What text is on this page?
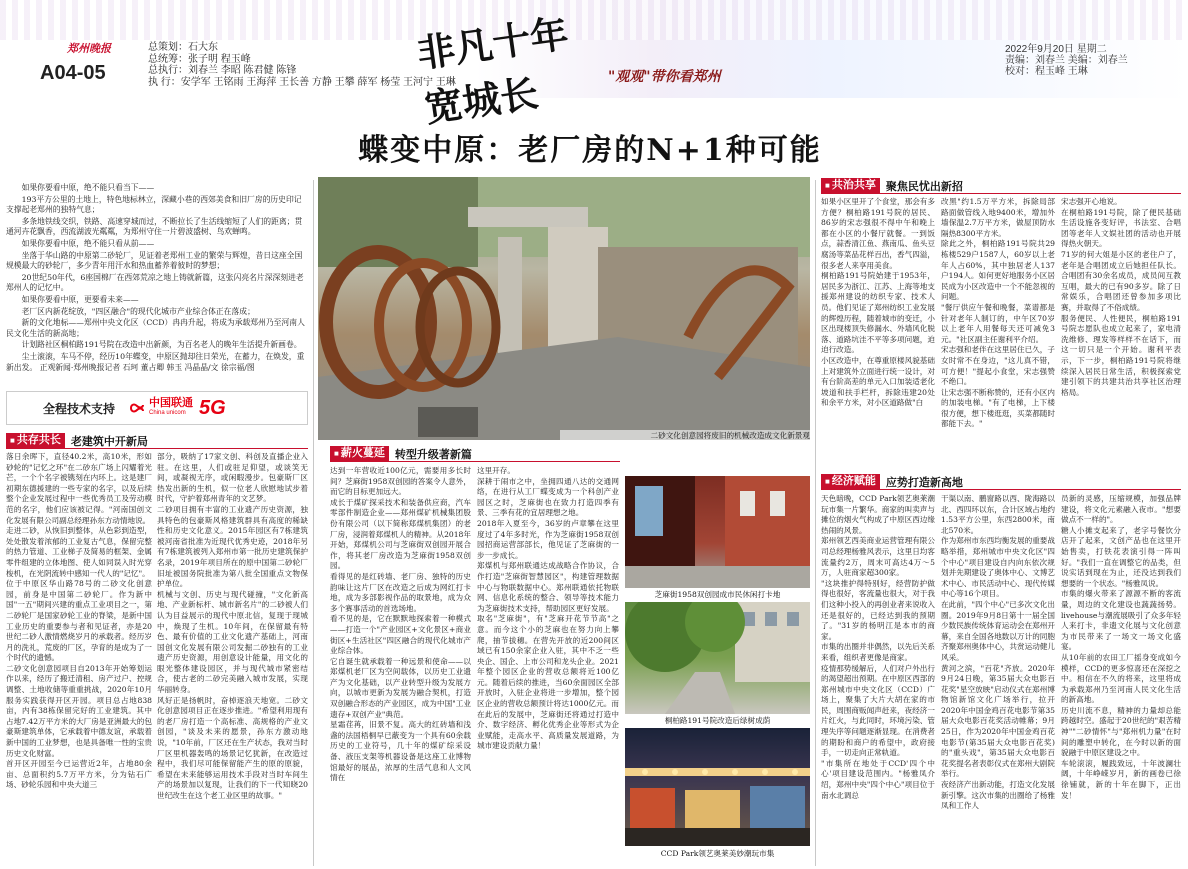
郑州晚报
A04-05
总策划：石大东
总统筹：张子明 程玉峰
总执行：刘春兰 李昭 陈君健 陈锋
执 行：安学军 王铭雨 王海萍 王长善 方静 王攀 薛军 杨莹 王河宁 王琳
非凡十年 宽城长	"观观"带你看郑州
2022年9月20日 星期二
责编：刘春兰 美编：刘春兰
校对：程玉峰 王琳
蝶变中原：老厂房的N+1种可能

如果你要看中原，绝不能只看当下——

193平方公里的土地上，特色地标林立，深藏小巷的西郊美食和旧厂房的历史印记支撑起老郑州的独特气息；

多条地铁线交织，铁路、高速穿城而过，不断拉长了生活线缩短了人们的距离；贯通河卉花飘香，西流湖波光粼粼，为郑州守住一片碧波盛树、鸟欢蝉鸣。

如果你要看中原，绝不能只看从前——

坐落于华山路的中原第二砂轮厂，见证着老郑州工业的繁荣与辉煌，昔日这座全国规模最大的砂轮厂，多少青年用汗水和热血蓄养着彼时的梦想；

20世纪50年代，6座国棉厂在西郊荒凉之地上铸就新篇，这张闪亮名片深深刻进老郑州人的记忆中。

如果你要看中原，更要看未来——

老厂区内新花绽放，"四区融合"的现代化城市产业综合体正在落成；

新的文化地标——郑州中央文化区（CCD）冉冉升起，将成为承载郑州乃至河南人民文化生活的新高地；

计划路社区桐柏路191号院在改造中出新颜，为百名老人的晚年生活提升新画卷。

尘土滚滚，车马不停，经历10年蝶变，中原区抛却往日荣光，在蓄力，在焕发，重新出发。 正观新闻·郑州晚报记者 石珂 董占卿 韩玉 冯晶晶/文 徐宗福/图

全程技术支持	中国联通
China unicom 5G
■ 共存共长 老建筑中开新局
落日余晖下，直径40.2米，高10米，形如砂轮的"记忆之环"在二砂东广场上闪耀着光芒，一个个名字被镌刻在内环上。这是建厂初期东德援建的一些专家的名字，以及后续整个企业发展过程中一些优秀员工及劳动模范的名字，他们应该被记得。"河南国创文化发展有限公司副总经理孙东方动情地说。
走进二砂，从恢旧到整体，从色彩到造型，处处散发着浓郁的工业复古气息，保留完整的热力管道、工业梯子及简易的框架、金属零件组建的立体地图、使人如同误入时光穿梭机，在光阴流转中感知一代人的"记忆"。
位于中原区华山路78号的二砂文化创意园，前身是中国第二砂轮厂。作为新中国"一五"期间兴建的重点工业项目之一，第二砂轮厂是国家砂轮工业的脊梁，是新中国工业历史的重要参与者和见证者，亦是20世纪二砂人激情燃烧岁月的承载者。经历岁月的洗礼，荒废的厂区，孕育的是成为了一个时代的遗憾。
二砂文化创意园项目自2013年开始筹划运作以来，经历了搬迁清租、房产过户、控规调整、土地收储等重重挑战，2020年10月服务实践获得开区开园。项目总占地838亩，内有38栋保留完好的工业建筑。其中占地7.42万平方米的大厂房是亚洲最大的包豪斯建筑单体，它承载着中德友谊，承载着新中国的工业梦想，也是具备唯一性的宝贵历史文化财富。
首开区开园至今已运营近2年，占地80余亩、总面积约5.7万平方米，分为钻石广场、砂轮乐园和中央大道三
部分，吸纳了17家文创、科创及直播企业入驻。在这里，人们或驻足仰望，或谈笑无间，或凝视无序，或闲暇漫步。包豪斯厂区热发出新的生机，似一位老人欣慰地试步着时代，守护着郑州青年的文艺梦。
二砂项目拥有丰富的工业遗产历史资源，独具特色的包豪斯风格建筑群具有高度的稀缺性和历史文化意义。2015年园区有7栋建筑被河南省批准为近现代优秀史迹，2018年另有7栋建筑被列入郑州市第一批历史建筑保护名录，2019年项目所在的原中国第二砂轮厂旧址被国务院批准为第八批全国重点文物保护单位。
机械与文创、历史与现代碰撞，"文化新高地、产业新标杆、城市新名片"的二砂被人们认为目益展示的现代中原北信，复现于现城中，焕现了生机。10年间，在保留最有特色、最有价值的工业文化遗产基础上，河南国创文化发展有限公司发掘二砂独有的工业遗产历史资源，用创意设计能量，用文化的眼光整体建设园区，并与现代城市紧密结合，使古老的二砂完美融入城市发展，实现华丽转身。
风好正是扬帆时，奋棹逐浪天地宽。二砂文化创意园项目正在逐步推进。"希望利用现有的老厂房打造一个高标准、高规格的产业文创园，"谈及未来的愿景，孙东方激动地说，"10年前，厂区还在生产状态，我对当时厂区里机器轰鸣的场景记忆犹新，在改造过程中，我们尽可能保留能产生的原的原貌，希望在未来能够运用技术手段对当时车间生产的场景加以复现，让我们的下一代知晓20世纪改生在这个老工业区里的故事。"
二砂文化创意园将废旧的机械改造成文化新景观
■ 薪火蔓延 转型升级著新篇
达到一年营收近100亿元，需要用多长时间？芝麻街1958双创园的答案令人意外，而它的目标更加远大。
成长于煤矿探采技术和装备供应商，汽车零部件制造企业——郑州煤矿机械集团股份有限公司（以下简称郑煤机集团）的老厂房，浸润着郑煤机人的精神。从2018年开始，郑煤机公司与芝麻街双创园开展合作，将其老厂房改造为芝麻街1958双创园。
看得见的是红砖墙、老厂房、独特的历史韵味让这片厂区在改造之后成为网红打卡地，成为多部影视作品的取景地，成为众多个赛事活动的首选场地。
看不见的是，它在默默地探索着一种模式——打造一个"产业园区+文化景区+商业街区+生活社区"四区融合的现代化城市产业综合体。
它自诞生就承载着一种远景和使命——以郑煤机老厂区为空间载体，以历史工业遗产为文化基础，以产业转型升级为发展方向，以城市更新为发展为融合契机，打造双创融合形态的产业园区，成为中国"工业遗存+双创产业"典范。
星霜荏苒，旧景不复。高大的红砖墙和浅盏的法国梧桐早已蔽变为一个具有60余载历史的工业符号，几十年的煤矿综采设备、液压支架等机器设备是这座工业博物馆最好的展品，浓厚的生活气息和人文风情在
这里开存。
深耕于闹市之中，坐拥四通八达的交通网络，在进行从工厂蝶变成为一个科创产业园区之时，芝麻街也在致力打造四季有景、三季有花的宜居理想之地。
2018年入夏至今，36岁的卢章攀在这里度过了4年多时光，作为芝麻街1958双创园招商运营部部长，他见证了芝麻街的一步一步成长。
郑煤机与郑州联通达成战略合作协议，合作打造"芝麻街智慧园区"，构建管理数据中心与物联数据中心。郑州联通依托物联网、信息化系统的整合、领导等技术能力为芝麻街技术支持，帮助园区更好发展。
取名"芝麻街"，有"芝麻开花节节高"之意。而今这个小的芝麻也在努力向上攀爬，抽节拔穗。在营先开放的近200间区域已有150余家企业入驻，其中不乏一些央企、国企、上市公司和龙头企业。2021年整个园区企业的营收总额将近100亿元。随着后续的推进，当60余面园区全部开放时，入驻企业将进一步增加，整个园区企业的营收总额预计将达1000亿元。而在此后的发展中，芝麻街还将通过打造中介、数字经济、孵化优秀企业等形式为企业赋能，走高水平、高质量发展道路，为城市建设贡献力量！
芝麻街1958双创园成市民休闲打卡地
桐柏路191号院改造后绿树成荫
CCD Park领艺奥莱美妙潮玩市集
■ 共治共享 聚焦民忧出新招
如果小区里开了个食堂，那会有多方便？桐柏路191号院的居民、86岁的宋志强很不得中午和晚上都在小区的小餐厅就餐。一到饭点，蒜香清江鱼、燕南瓜、鱼头豆腐汤等菜品花样百出，香气四溢，很多老人来享用美食。
桐柏路191号院始建于1953年，居民多为浙江、江苏、上海等地支援郑州建设的纺织专家、技术人员。他们见证了郑州纺织工业发展的辉煌历程，随着城市的变迁，小区出现楼顶失修漏水、外墙风化脱落、道路坑洼不平等多项问题，迫迫行改造。
小区改造中，在尊重原楼风貌基础上对建筑外立面进行统一设计，对有台阶高差的单元入口加装适老化坡道和扶手栏杆，拆除违建20处和余平方米，对小区道路做"白
改黑"约1.5万平方米，拆除局部路面做管线入地9400米，增加外墙保温2.7万平方米，做屋顶防水隔热8300平方米。
除此之外，桐柏路191号院共29栋楼529户1587人，60岁以上老年人占60%，其中独居老人137户194人。如何更好地服务小区居民成为小区改造中一个不能忽视的问题。
"餐厅供应午餐和晚餐，菜谱都是针对老年人制订的，中午区70岁以上老年人用餐每天还可减免3元。"社区副主任谢利平介绍。
宋志强和老伴在这里居住已久，子女时常不在身边，"这儿真不错，可方便！"提起小食堂，宋志强赞不绝口。
让宋志强不断称赞的，还有小区内的加装电梯。"有了电梯，上下楼很方便，想下楼逛逛，买菜都随时都能下去。"
宋志强开心地说。
在桐柏路191号院，除了便民基础生活设施各变好评，书法室、合唱团等老年人文娱社团的活动也开展得热火朝天。
71岁的何大姐是小区的老住户了，老年是合唱团成立后她担任队长。合唱团有30余名成员，成员间互教互唱，最大的已有90多岁。除了日常娱乐，合唱团还曾参加多项比赛，并取得了不俗成绩。
服务便民、人性便民，桐柏路191号院志愿队也成立起来了，家电清洗维修、理发等样样不在话下，而这一切只是一个开始。谢利平表示，下一步，桐柏路191号院将继续深入居民日常生活，积极探索党建引领下的共建共治共享社区治理格局。
■ 经济赋能 应势打造新高地
天色暗晚，CCD Park领艺奥莱潮玩市集一片繁华。商家的叫卖声与摊位的烟火气构成了中原区西边缘热闹的风景。
郑州领艺西美商业运营管理有限公司总经理杨雅风表示，这里日均客流量约2万，周末可高达4万～5万，人驻商家超300家。
"这块推护得特别好，经营防护做得也很好，客流量也很大，对于我们这种小投入的再创业者来说收入还是很好的，已经达到我的预期了。"31岁的杨明江是本市的商家。
市集的出圈并非偶然，以先后关系来看，组织者更像是商家。
疫情那势缓解后，人们对户外出行的渴望超出预期。在中原区西部的郑州城市中央文化区（CCD）广场上，聚集了大片大胡在家的市民，周围商贩闻声赶来，夜经济一片红火，与此同时，环境污染、管理失序等问题逐渐显现。在消费者的期盼和商户的希望中，政府接手，一切走向正常轨道。
"市集所在地处于CCD'四个中心'项目建设范围内。"杨雅凤介绍，郑州中央"四个中心"项目位于南水北调总
干渠以南、鹏窗路以西、陇海路以北、西四环以东，合计区域占地约1.53平方公里，东西2800米，南北570米。
作为郑州市东西均衡发展的重要战略举措，郑州城市中央文化区"四个中心"项目建设自内向东依次规划并先期建设了奥体中心、文博艺术中心、市民活动中心、现代传媒中心等16个项目。
在此前，"四个中心"已多次文化出圈。2019年9月8日第十一届全国少数民族传统体育运动会在郑州开幕，来自全国各地数以万计的同胞齐聚郑州奥体中心，共赏运动健儿风采。
黄河之滨，"百花"齐放。2020年9月24日晚，第35届大众电影百花奖"星空放映"启动仪式在郑州博物馆新馆文化广场举行，拉开2020年中国金鸡百花电影节第35届大众电影百花奖活动帷幕；9月25日，作为2020年中国金鸡百花电影节(第35届大众电影百花奖)的"重头戏"，第35届大众电影百花奖提名者表彰仪式在郑州大剧院举行。
夜经济产出新动能，打造文化发展新引擎。这次市集的出圈给了杨雅凤和工作人
员新的灵感，压缩规模，加强品牌建设，将文化元素融入夜市。"想要做点不一样的"。
糖人小摊支起来了，老字号餐饮分店开了起来，文创产品也在这里开始售卖，打铁花表演引得一阵叫好。"我们一直在调整它的品类，但说实话到现在为止，还没达到我们想要的一个状态。"杨雅凤说。
市集的爆火带来了源源不断的客流量，周边的文化建设也蔬蔬扬势。livehouse与潮流展吸引了众多年轻人来打卡，非遗文化展与文化创意为市民带来了一场文一场文化盛宴。
从10年前的农田工厂摇身变成如今模样，CCD的更多惊喜还在深挖之中。相信在不久的将来，这里将成为承载郑州乃至河南人民文化生活的新高地。
历史川流不息，精神的力量却总能跨越时空。盛起于20世纪的"艰苦精神""二砂情怀"与"郑州机力量"在时间的雕塑中转化，在今时以新的面貌融于中原区建设之中。
车轮滚滚，履践致远，十年波澜壮阔，十年峥嵘岁月，新的画卷已徐徐铺就，新的十年在脚下，正出发！
